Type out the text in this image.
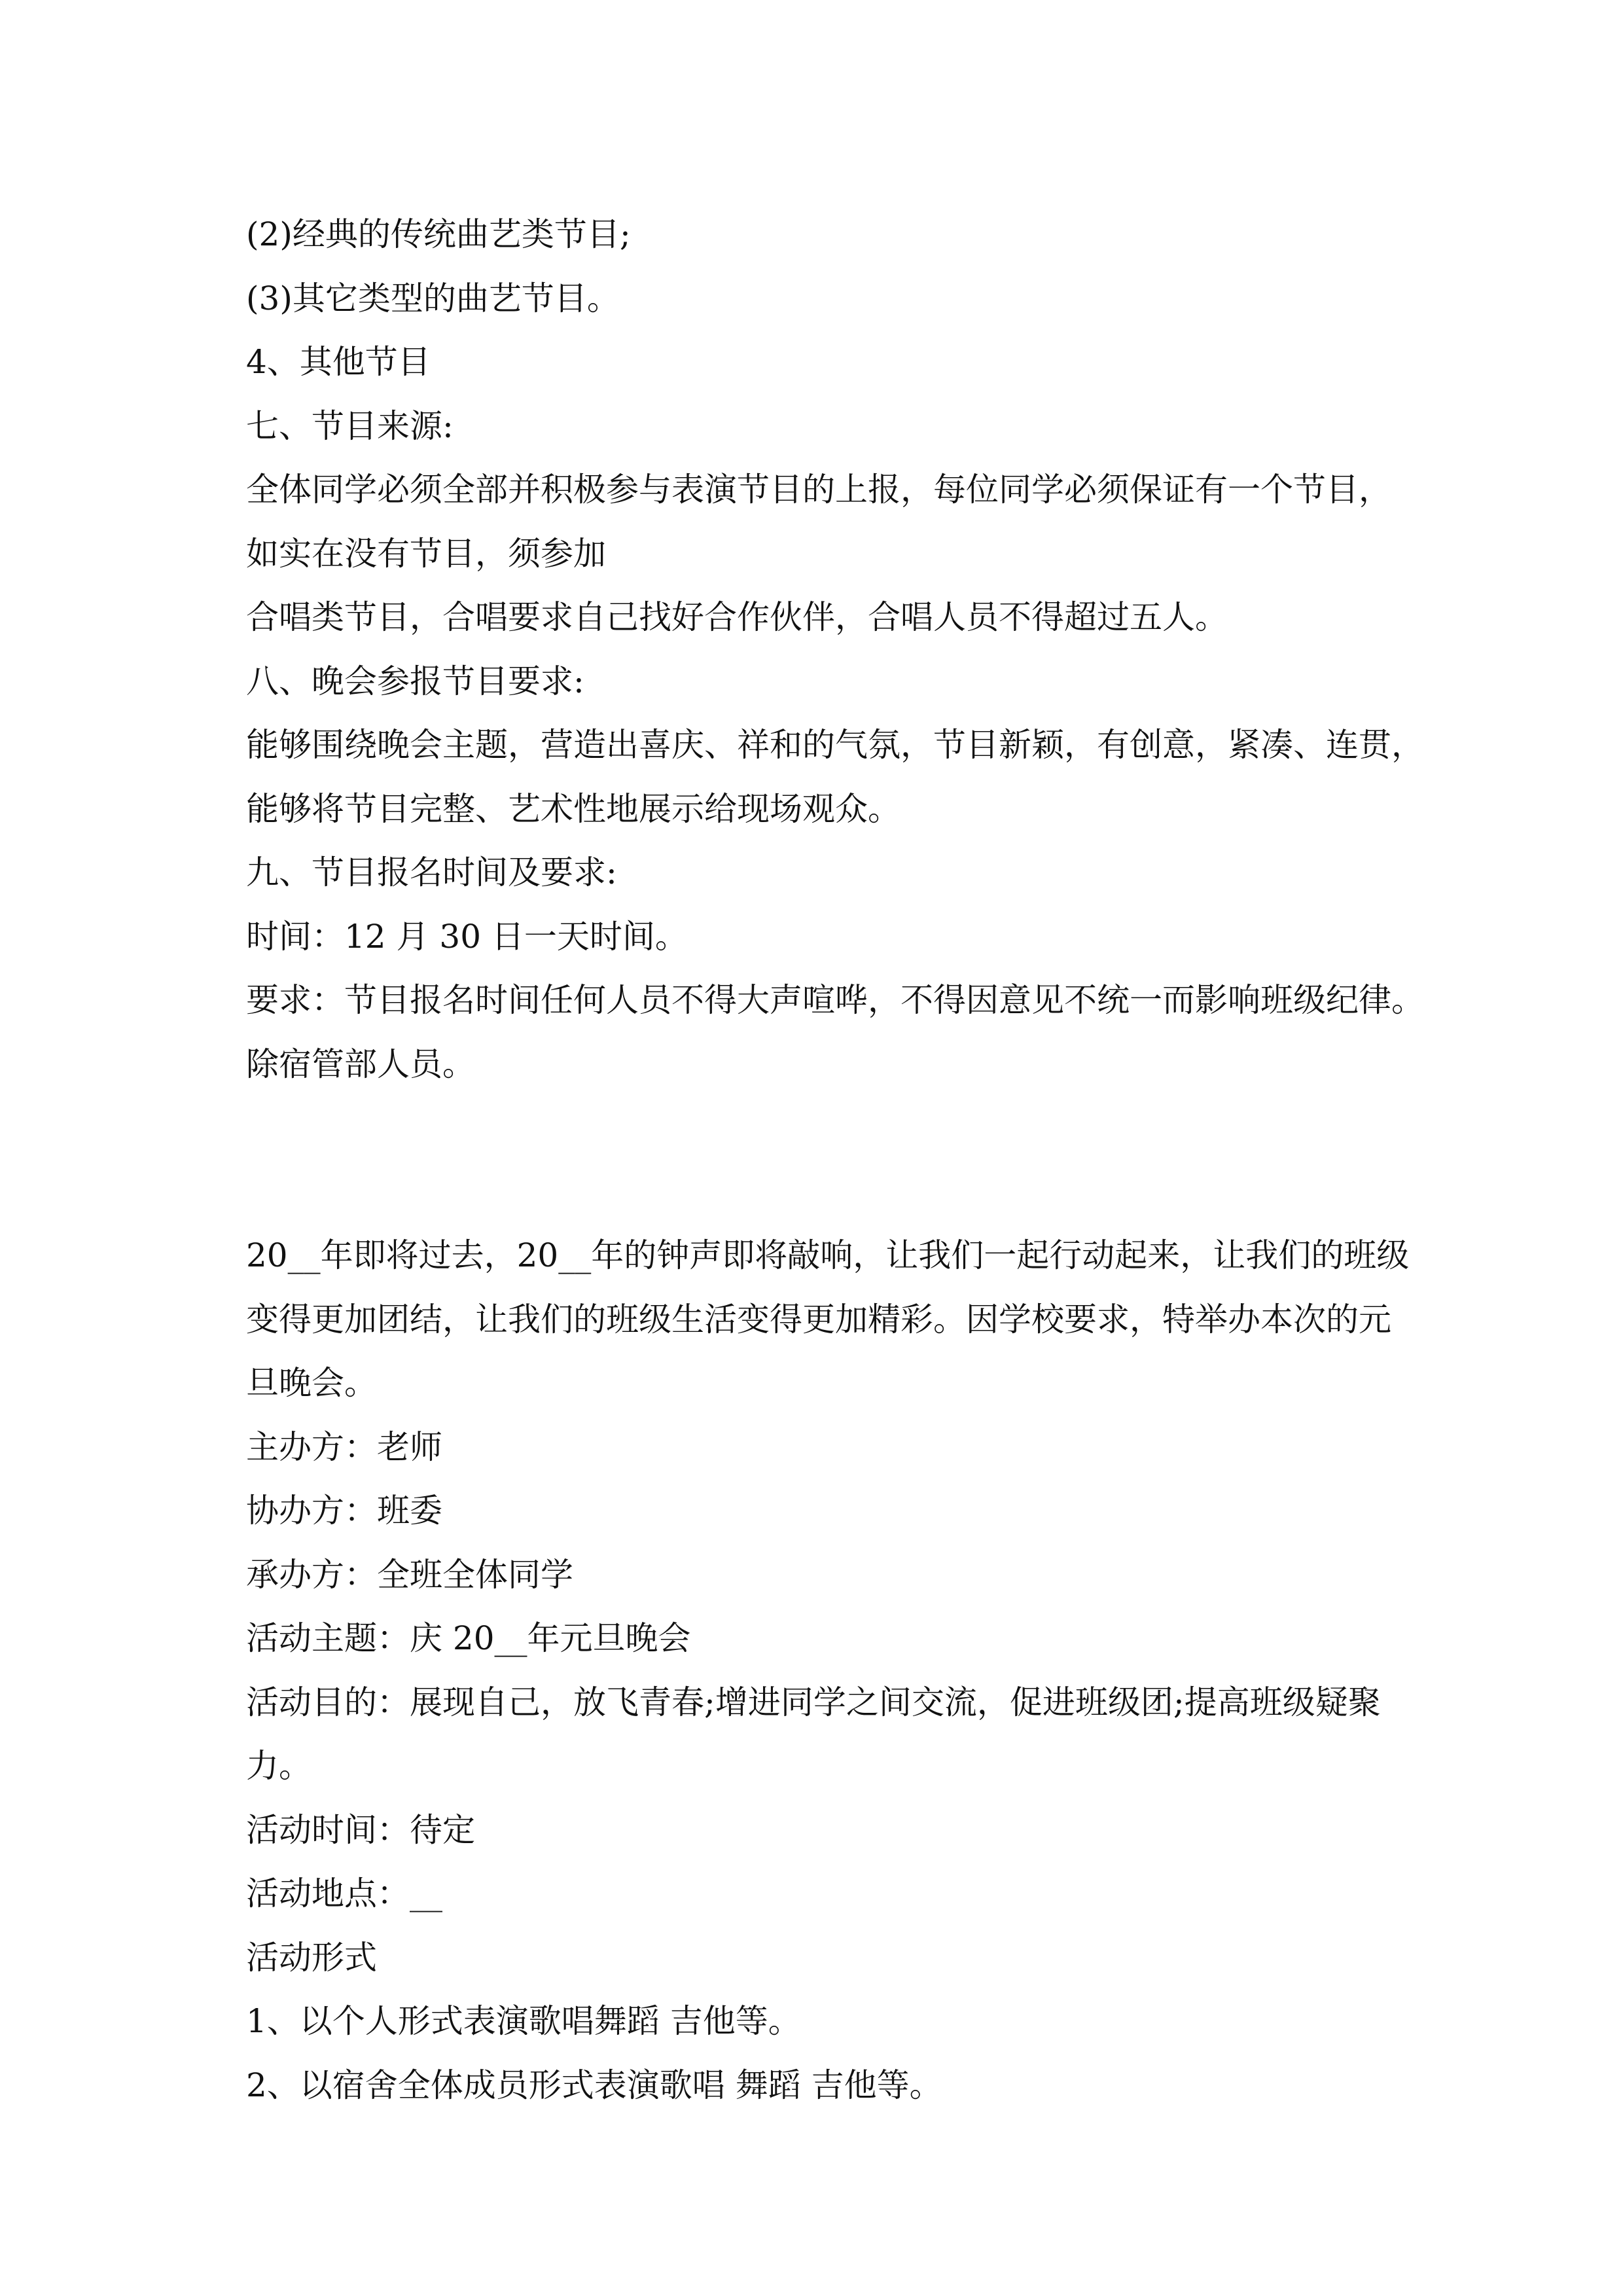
(2)经典的传统曲艺类节目;
(3)其它类型的曲艺节目。
4、其他节目
七、节目来源:
全体同学必须全部并积极参与表演节目的上报，每位同学必须保证有一个节目，
如实在没有节目，须参加
合唱类节目，合唱要求自己找好合作伙伴，合唱人员不得超过五人。
八、晚会参报节目要求:
能够围绕晚会主题，营造出喜庆、祥和的气氛，节目新颖，有创意，紧凑、连贯，
能够将节目完整、艺术性地展示给现场观众。
九、节目报名时间及要求:
时间：12 月 30 日一天时间。
要求：节目报名时间任何人员不得大声喧哗，不得因意见不统一而影响班级纪律。
除宿管部人员。
20__年即将过去，20__年的钟声即将敲响，让我们一起行动起来，让我们的班级
变得更加团结，让我们的班级生活变得更加精彩。因学校要求，特举办本次的元
旦晚会。
主办方：老师
协办方：班委
承办方：全班全体同学
活动主题：庆 20__年元旦晚会
活动目的：展现自己，放飞青春;增进同学之间交流，促进班级团;提高班级疑聚
力。
活动时间：待定
活动地点：__
活动形式
1、以个人形式表演歌唱舞蹈 吉他等。
2、以宿舍全体成员形式表演歌唱 舞蹈 吉他等。
